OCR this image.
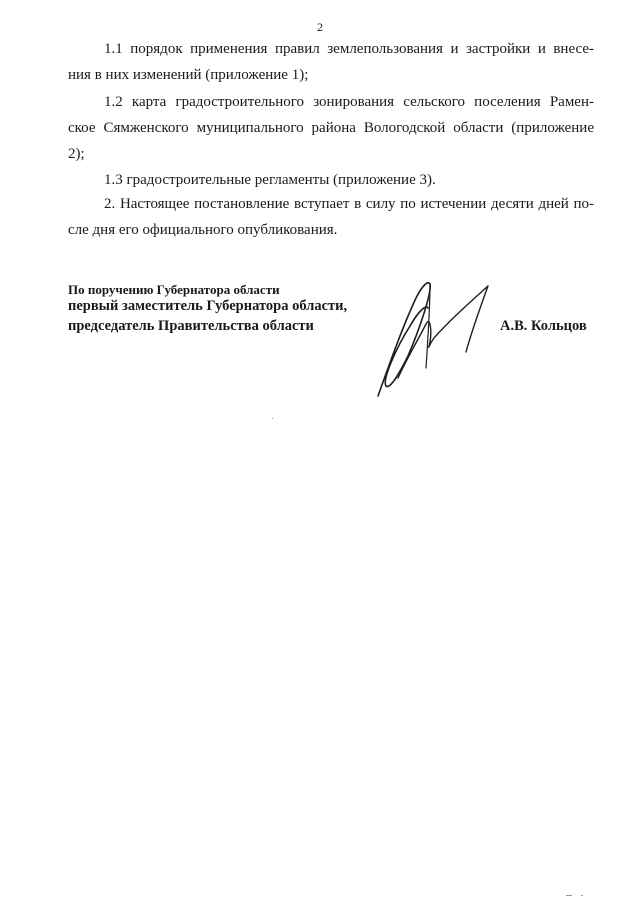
2
1.1 порядок применения правил землепользования и застройки и внесе-
ния в них изменений (приложение 1);
1.2 карта градостроительного зонирования сельского поселения Рамен-
ское Сямженского муниципального района Вологодской области (приложение
2);
1.3 градостроительные регламенты (приложение 3).
2. Настоящее постановление вступает в силу по истечении десяти дней по-
сле дня его официального опубликования.
По поручению Губернатора области
первый заместитель Губернатора области,
председатель Правительства области	А.В. Кольцов
